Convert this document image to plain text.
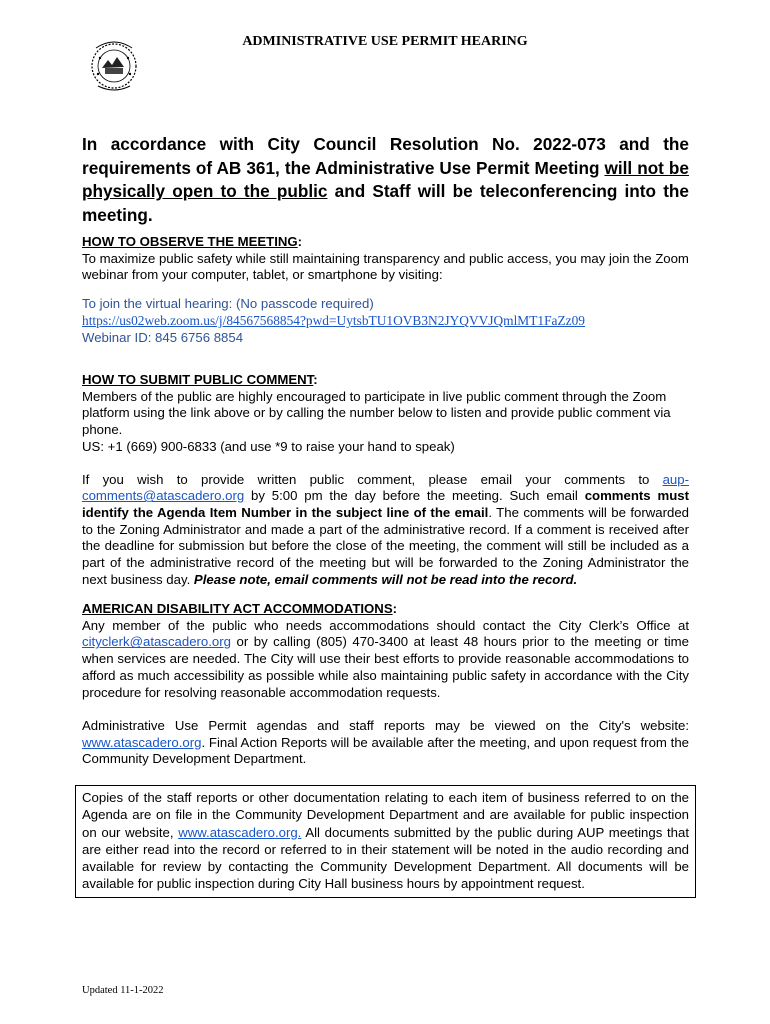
ADMINISTRATIVE USE PERMIT HEARING
In accordance with City Council Resolution No. 2022-073 and the requirements of AB 361, the Administrative Use Permit Meeting will not be physically open to the public and Staff will be teleconferencing into the meeting.

HOW TO OBSERVE THE MEETING:

To maximize public safety while still maintaining transparency and public access, you may join the Zoom webinar from your computer, tablet, or smartphone by visiting:

To join the virtual hearing: (No passcode required)

https://us02web.zoom.us/j/84567568854?pwd=UytsbTU1OVB3N2JYQVVJQmlMT1FaZz09

Webinar ID: 845 6756 8854

HOW TO SUBMIT PUBLIC COMMENT:

Members of the public are highly encouraged to participate in live public comment through the Zoom platform using the link above or by calling the number below to listen and provide public comment via phone.

US: +1 (669) 900-6833 (and use *9 to raise your hand to speak)

If you wish to provide written public comment, please email your comments to aup-comments@atascadero.org by 5:00 pm the day before the meeting. Such email comments must identify the Agenda Item Number in the subject line of the email. The comments will be forwarded to the Zoning Administrator and made a part of the administrative record. If a comment is received after the deadline for submission but before the close of the meeting, the comment will still be included as a part of the administrative record of the meeting but will be forwarded to the Zoning Administrator the next business day. Please note, email comments will not be read into the record.

AMERICAN DISABILITY ACT ACCOMMODATIONS:

Any member of the public who needs accommodations should contact the City Clerk’s Office at cityclerk@atascadero.org or by calling (805) 470-3400 at least 48 hours prior to the meeting or time when services are needed. The City will use their best efforts to provide reasonable accommodations to afford as much accessibility as possible while also maintaining public safety in accordance with the City procedure for resolving reasonable accommodation requests.

Administrative Use Permit agendas and staff reports may be viewed on the City's website: www.atascadero.org. Final Action Reports will be available after the meeting, and upon request from the Community Development Department.

Copies of the staff reports or other documentation relating to each item of business referred to on the Agenda are on file in the Community Development Department and are available for public inspection on our website, www.atascadero.org. All documents submitted by the public during AUP meetings that are either read into the record or referred to in their statement will be noted in the audio recording and available for review by contacting the Community Development Department. All documents will be available for public inspection during City Hall business hours by appointment request.
Updated 11-1-2022
